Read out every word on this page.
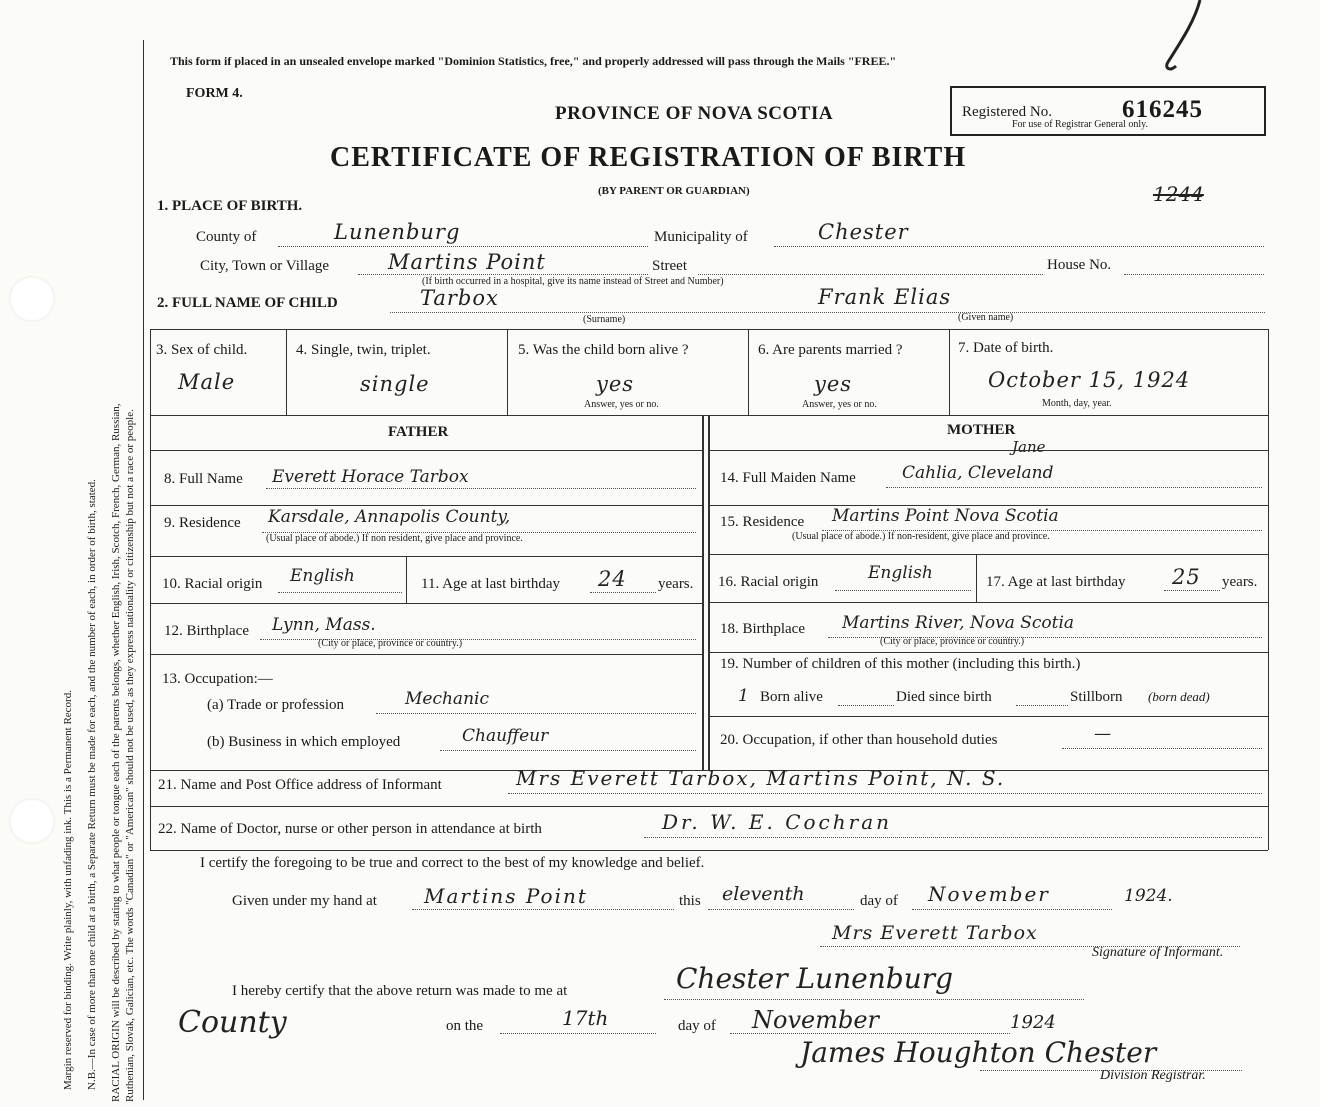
Margin reserved for binding. Write plainly, with unfading ink. This is a Permanent Record. N.B.—In case of more than one child at a birth, a Separate Return must be made for each, and the number of each, in order of birth, stated. RACIAL ORIGIN will be described by stating to what people or tongue each of the parents belongs, whether English, Irish, Scotch, French, German, Russian, Ruthenian, Slovak, Galician, etc. The words "Canadian" or "American" should not be used, as they express nationality or citizenship but not a race or people.
This form if placed in an unsealed envelope marked "Dominion Statistics, free," and properly addressed will pass through the Mails "FREE."
FORM 4.
PROVINCE OF NOVA SCOTIA
CERTIFICATE OF REGISTRATION OF BIRTH
(BY PARENT OR GUARDIAN)
Registered No.	616245
For use of Registrar General only.
1244
1. PLACE OF BIRTH.
County of	Lunenburg	Municipality of	Chester
City, Town or Village	Martins Point	Street	House No.
(If birth occurred in a hospital, give its name instead of Street and Number)
2. FULL NAME OF CHILD	Tarbox
(Surname)
Frank Elias
(Given name)
3. Sex of child.
Male
4. Single, twin, triplet.
single
5. Was the child born alive ?
yes
Answer, yes or no.
6. Are parents married ?
yes
Answer, yes or no.
7. Date of birth.
October 15, 1924
Month, day, year.
FATHER	MOTHER
8. Full Name Everett Horace Tarbox
9. Residence Karsdale, Annapolis County,
(Usual place of abode.) If non resident, give place and province.
10. Racial origin English	11. Age at last birthday 24 years.
12. Birthplace Lynn, Mass.
(City or place, province or country.)
13. Occupation:—
(a) Trade or profession	Mechanic
(b) Business in which employed	Chauffeur
14. Full Maiden Name	Cahlia, Cleveland
Jane
15. Residence Martins Point Nova Scotia
(Usual place of abode.) If non-resident, give place and province.
16. Racial origin	English	17. Age at last birthday 25 years.
18. Birthplace Martins River, Nova Scotia
(City or place, province or country.)
19. Number of children of this mother (including this birth.)
1 Born alive	Died since birth	Stillborn (born dead)
20. Occupation, if other than household duties	—
21. Name and Post Office address of Informant	Mrs Everett Tarbox, Martins Point, N. S.
22. Name of Doctor, nurse or other person in attendance at birth	Dr. W. E. Cochran
I certify the foregoing to be true and correct to the best of my knowledge and belief.
Given under my hand at Martins Point	this eleventh	day of November	1924.
Mrs Everett Tarbox
Signature of Informant.
I hereby certify that the above return was made to me at	Chester Lunenburg
County	on the	17th	day of November	1924
James Houghton Chester
Division Registrar.
